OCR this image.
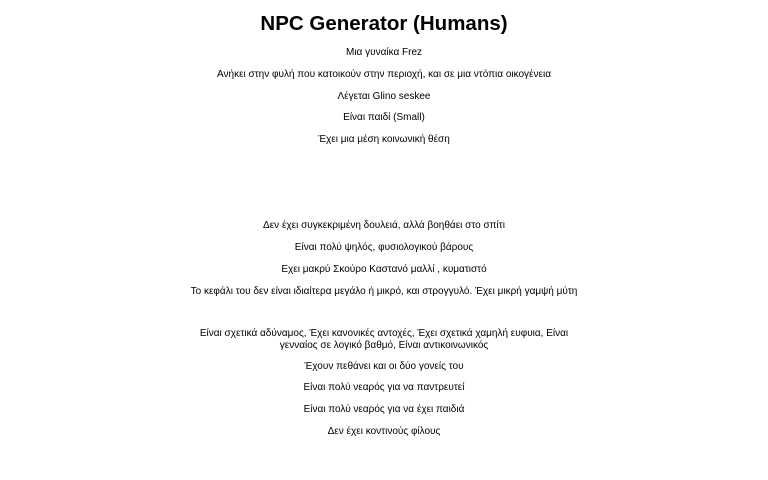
NPC Generator (Humans)
Μια γυναίκα Frez
Ανήκει στην φυλή που κατοικούν στην περιοχή, και σε μια ντόπια οικογένεια
Λέγεται Glino seskee
Είναι παιδί (Small)
Έχει μια μέση κοινωνική θέση
Δεν έχει συγκεκριμένη δουλειά, αλλά βοηθάει στο σπίτι
Είναι πολύ ψηλός, φυσιολογικού βάρους
Εχει μακρύ Σκούρο Καστανό μαλλί , κυματιστό
Το κεφάλι του δεν είναι ιδιαίτερα μεγάλο ή μικρό, και στρογγυλό. Έχει μικρή γαμψή μύτη
Είναι σχετικά αδύναμος, Έχει κανονικές αντοχές, Έχει σχετικά χαμηλή ευφυια, Είναι γενναίος σε λογικό βαθμό, Είναι αντικοινωνικός
Έχουν πεθάνει και οι δύο γονείς του
Είναι πολύ νεαρός για να παντρευτεί
Είναι πολύ νεαρός για να έχει παιδιά
Δεν έχει κοντινούς φίλους
